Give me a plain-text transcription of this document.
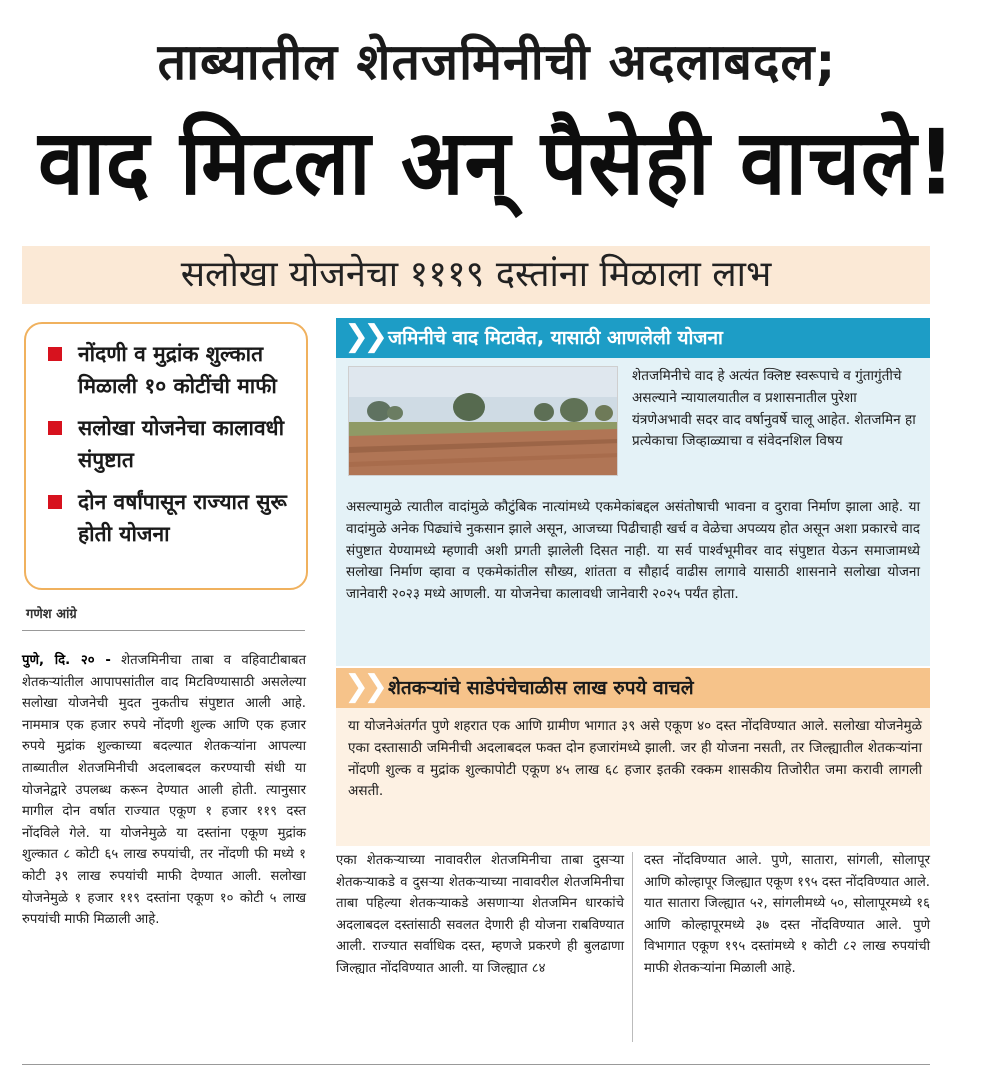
ताब्यातील शेतजमिनीची अदलाबदल;
वाद मिटला अन् पैसेही वाचले!
सलोखा योजनेचा १११९ दस्तांना मिळाला लाभ
नोंदणी व मुद्रांक शुल्कात मिळाली १० कोटींची माफी
सलोखा योजनेचा कालावधी संपुष्टात
दोन वर्षांपासून राज्यात सुरू होती योजना
गणेश आंग्रे
पुणे, दि. २० - शेतजमिनीचा ताबा व वहिवाटीबाबत शेतकऱ्यांतील आपापसांतील वाद मिटविण्यासाठी असलेल्या सलोखा योजनेची मुदत नुकतीच संपुष्टात आली आहे. नाममात्र एक हजार रुपये नोंदणी शुल्क आणि एक हजार रुपये मुद्रांक शुल्काच्या बदल्यात शेतकऱ्यांना आपल्या ताब्यातील शेतजमिनीची अदलाबदल करण्याची संधी या योजनेद्वारे उपलब्ध करून देण्यात आली होती. त्यानुसार मागील दोन वर्षात राज्यात एकूण १ हजार ११९ दस्त नोंदविले गेले. या योजनेमुळे या दस्तांना एकूण मुद्रांक शुल्कात ८ कोटी ६५ लाख रुपयांची, तर नोंदणी फी मध्ये १ कोटी ३९ लाख रुपयांची माफी देण्यात आली. सलोखा योजनेमुळे १ हजार ११९ दस्तांना एकूण १० कोटी ५ लाख रुपयांची माफी मिळाली आहे.
❯❯ जमिनीचे वाद मिटावेत, यासाठी आणलेली योजना
शेतजमिनीचे वाद हे अत्यंत क्लिष्ट स्वरूपाचे व गुंतागुंतीचे असल्याने न्यायालयातील व प्रशासनातील पुरेशा यंत्रणेअभावी सदर वाद वर्षानुवर्षे चालू आहेत. शेतजमिन हा प्रत्येकाचा जिव्हाळ्याचा व संवेदनशिल विषय
असल्यामुळे त्यातील वादांमुळे कौटुंबिक नात्यांमध्ये एकमेकांबद्दल असंतोषाची भावना व दुरावा निर्माण झाला आहे. या वादांमुळे अनेक पिढ्यांचे नुकसान झाले असून, आजच्या पिढीचाही खर्च व वेळेचा अपव्यय होत असून अशा प्रकारचे वाद संपुष्टात येण्यामध्ये म्हणावी अशी प्रगती झालेली दिसत नाही. या सर्व पार्श्वभूमीवर वाद संपुष्टात येऊन समाजामध्ये सलोखा निर्माण व्हावा व एकमेकांतील सौख्य, शांतता व सौहार्द वाढीस लागावे यासाठी शासनाने सलोखा योजना जानेवारी २०२३ मध्ये आणली. या योजनेचा कालावधी जानेवारी २०२५ पर्यंत होता.
❯❯ शेतकऱ्यांचे साडेपंचेचाळीस लाख रुपये वाचले
या योजनेअंतर्गत पुणे शहरात एक आणि ग्रामीण भागात ३९ असे एकूण ४० दस्त नोंदविण्यात आले. सलोखा योजनेमुळे एका दस्तासाठी जमिनीची अदलाबदल फक्त दोन हजारांमध्ये झाली. जर ही योजना नसती, तर जिल्ह्यातील शेतकऱ्यांना नोंदणी शुल्क व मुद्रांक शुल्कापोटी एकूण ४५ लाख ६८ हजार इतकी रक्कम शासकीय तिजोरीत जमा करावी लागली असती.
एका शेतकऱ्याच्या नावावरील शेतजमिनीचा ताबा दुसऱ्या शेतकऱ्याकडे व दुसऱ्या शेतकऱ्याच्या नावावरील शेतजमिनीचा ताबा पहिल्या शेतकऱ्याकडे असणाऱ्या शेतजमिन धारकांचे अदलाबदल दस्तांसाठी सवलत देणारी ही योजना राबविण्यात आली. राज्यात सर्वाधिक दस्त, म्हणजे प्रकरणे ही बुलढाणा जिल्ह्यात नोंदविण्यात आली. या जिल्ह्यात ८४
दस्त नोंदविण्यात आले. पुणे, सातारा, सांगली, सोलापूर आणि कोल्हापूर जिल्ह्यात एकूण १९५ दस्त नोंदविण्यात आले. यात सातारा जिल्ह्यात ५२, सांगलीमध्ये ५०, सोलापूरमध्ये १६ आणि कोल्हापूरमध्ये ३७ दस्त नोंदविण्यात आले. पुणे विभागात एकूण १९५ दस्तांमध्ये १ कोटी ८२ लाख रुपयांची माफी शेतकऱ्यांना मिळाली आहे.
